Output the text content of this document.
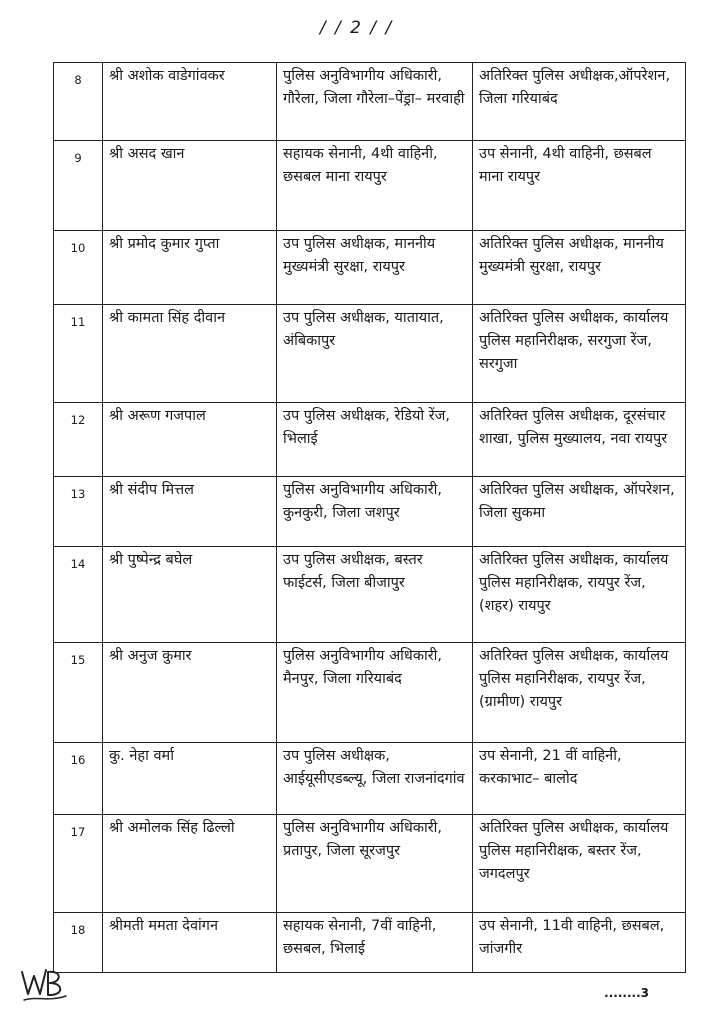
/ / 2 / /
8	श्री अशोक वाडेगांवकर	पुलिस अनुविभागीय अधिकारी, गौरेला, जिला गौरेला–पेंड्रा– मरवाही	अतिरिक्त पुलिस अधीक्षक,ऑपरेशन, जिला गरियाबंद
9	श्री असद खान	सहायक सेनानी, 4थी वाहिनी, छसबल माना रायपुर	उप सेनानी, 4थी वाहिनी, छसबल माना रायपुर
10	श्री प्रमोद कुमार गुप्ता	उप पुलिस अधीक्षक, माननीय मुख्यमंत्री सुरक्षा, रायपुर	अतिरिक्त पुलिस अधीक्षक, माननीय मुख्यमंत्री सुरक्षा, रायपुर
11	श्री कामता सिंह दीवान	उप पुलिस अधीक्षक, यातायात, अंबिकापुर	अतिरिक्त पुलिस अधीक्षक, कार्यालय पुलिस महानिरीक्षक, सरगुजा रेंज, सरगुजा
12	श्री अरूण गजपाल	उप पुलिस अधीक्षक, रेडियो रेंज, भिलाई	अतिरिक्त पुलिस अधीक्षक, दूरसंचार शाखा, पुलिस मुख्यालय, नवा रायपुर
13	श्री संदीप मित्तल	पुलिस अनुविभागीय अधिकारी, कुनकुरी, जिला जशपुर	अतिरिक्त पुलिस अधीक्षक, ऑपरेशन, जिला सुकमा
14	श्री पुष्पेन्द्र बघेल	उप पुलिस अधीक्षक, बस्तर फाईटर्स, जिला बीजापुर	अतिरिक्त पुलिस अधीक्षक, कार्यालय पुलिस महानिरीक्षक, रायपुर रेंज,(शहर) रायपुर
15	श्री अनुज कुमार	पुलिस अनुविभागीय अधिकारी, मैनपुर, जिला गरियाबंद	अतिरिक्त पुलिस अधीक्षक, कार्यालय पुलिस महानिरीक्षक, रायपुर रेंज,(ग्रामीण) रायपुर
16	कु. नेहा वर्मा	उप पुलिस अधीक्षक, आईयूसीएडब्ल्यू, जिला राजनांदगांव	उप सेनानी, 21 वीं वाहिनी, करकाभाट– बालोद
17	श्री अमोलक सिंह ढिल्लो	पुलिस अनुविभागीय अधिकारी, प्रतापुर, जिला सूरजपुर	अतिरिक्त पुलिस अधीक्षक, कार्यालय पुलिस महानिरीक्षक, बस्तर रेंज, जगदलपुर
18	श्रीमती ममता देवांगन	सहायक सेनानी, 7वीं वाहिनी, छसबल, भिलाई	उप सेनानी, 11वी वाहिनी, छसबल, जांजगीर
........3
